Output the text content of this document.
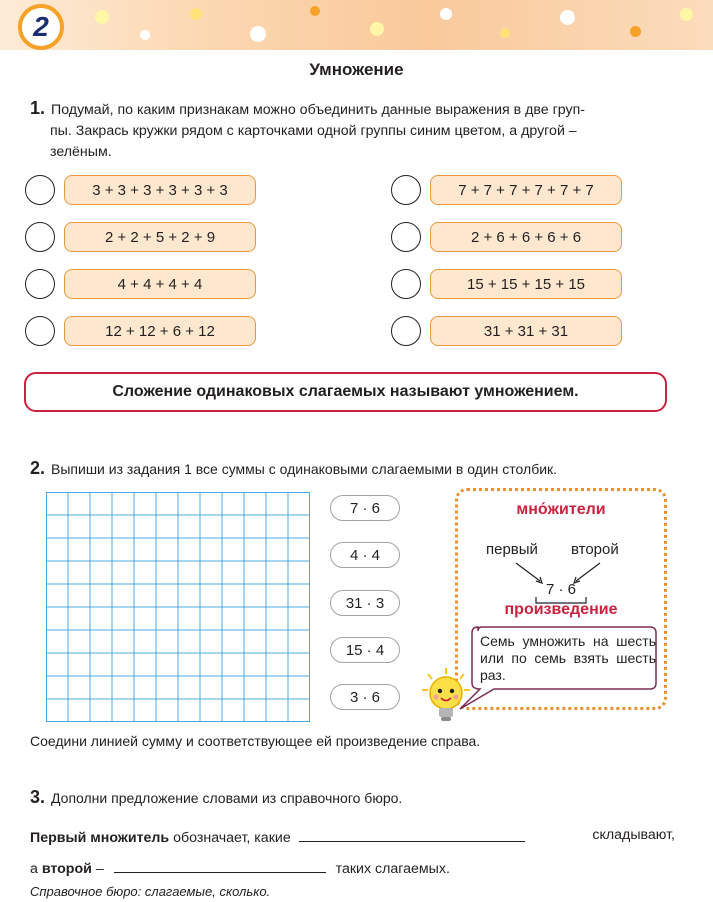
2
Умножение
1. Подумай, по каким признакам можно объединить данные выражения в две груп-
пы. Закрась кружки рядом с карточками одной группы синим цветом, а другой –
зелёным.
3 + 3 + 3 + 3 + 3 + 3
2 + 2 + 5 + 2 + 9
4 + 4 + 4 + 4
12 + 12 + 6 + 12
7 + 7 + 7 + 7 + 7 + 7
2 + 6 + 6 + 6 + 6
15 + 15 + 15 + 15
31 + 31 + 31
Сложение одинаковых слагаемых называют умножением.
2. Выпиши из задания 1 все суммы с одинаковыми слагаемыми в один столбик.
7 · 6
4 · 4
31 · 3
15 · 4
3 · 6
мно́жители
первый второй
7 · 6
произведение
Семь умножить на шесть или по семь взять шесть раз.
Соедини линией сумму и соответствующее ей произведение справа.
3. Дополни предложение словами из справочного бюро.
Первый множитель обозначает, какие	складывают,
а второй –	таких слагаемых.
Справочное бюро: слагаемые, сколько.
